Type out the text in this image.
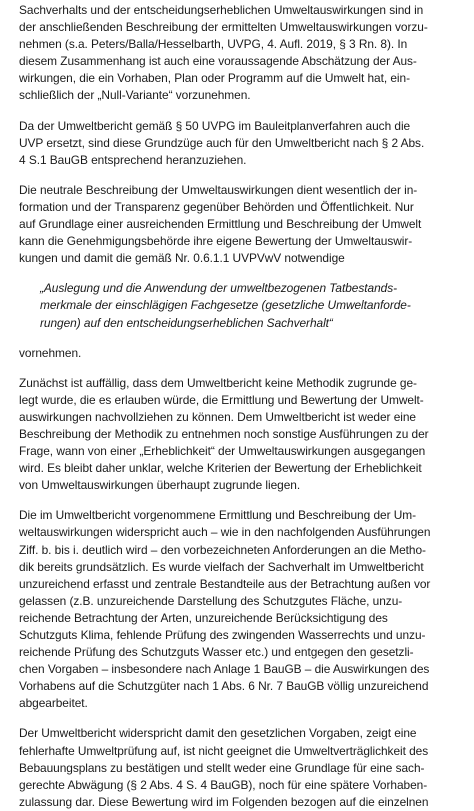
Sachverhalts und der entscheidungserheblichen Umweltauswirkungen sind in
der anschließenden Beschreibung der ermittelten Umweltauswirkungen vorzu-
nehmen (s.a. Peters/Balla/Hesselbarth, UVPG, 4. Aufl. 2019, § 3 Rn. 8). In
diesem Zusammenhang ist auch eine voraussagende Abschätzung der Aus-
wirkungen, die ein Vorhaben, Plan oder Programm auf die Umwelt hat, ein-
schließlich der „Null-Variante“ vorzunehmen.
Da der Umweltbericht gemäß § 50 UVPG im Bauleitplanverfahren auch die
UVP ersetzt, sind diese Grundzüge auch für den Umweltbericht nach § 2 Abs.
4 S.1 BauGB entsprechend heranzuziehen.
Die neutrale Beschreibung der Umweltauswirkungen dient wesentlich der in-
formation und der Transparenz gegenüber Behörden und Öffentlichkeit. Nur
auf Grundlage einer ausreichenden Ermittlung und Beschreibung der Umwelt
kann die Genehmigungsbehörde ihre eigene Bewertung der Umweltauswir-
kungen und damit die gemäß Nr. 0.6.1.1 UVPVwV notwendige
„Auslegung und die Anwendung der umweltbezogenen Tatbestands-
merkmale der einschlägigen Fachgesetze (gesetzliche Umweltanforde-
rungen) auf den entscheidungserheblichen Sachverhalt“
vornehmen.
Zunächst ist auffällig, dass dem Umweltbericht keine Methodik zugrunde ge-
legt wurde, die es erlauben würde, die Ermittlung und Bewertung der Umwelt-
auswirkungen nachvollziehen zu können. Dem Umweltbericht ist weder eine
Beschreibung der Methodik zu entnehmen noch sonstige Ausführungen zu der
Frage, wann von einer „Erheblichkeit“ der Umweltauswirkungen ausgegangen
wird. Es bleibt daher unklar, welche Kriterien der Bewertung der Erheblichkeit
von Umweltauswirkungen überhaupt zugrunde liegen.
Die im Umweltbericht vorgenommene Ermittlung und Beschreibung der Um-
weltauswirkungen widerspricht auch – wie in den nachfolgenden Ausführungen
Ziff. b. bis i. deutlich wird – den vorbezeichneten Anforderungen an die Metho-
dik bereits grundsätzlich. Es wurde vielfach der Sachverhalt im Umweltbericht
unzureichend erfasst und zentrale Bestandteile aus der Betrachtung außen vor
gelassen (z.B. unzureichende Darstellung des Schutzgutes Fläche, unzu-
reichende Betrachtung der Arten, unzureichende Berücksichtigung des
Schutzguts Klima, fehlende Prüfung des zwingenden Wasserrechts und unzu-
reichende Prüfung des Schutzguts Wasser etc.) und entgegen den gesetzli-
chen Vorgaben – insbesondere nach Anlage 1 BauGB – die Auswirkungen des
Vorhabens auf die Schutzgüter nach 1 Abs. 6 Nr. 7 BauGB völlig unzureichend
abgearbeitet.
Der Umweltbericht widerspricht damit den gesetzlichen Vorgaben, zeigt eine
fehlerhafte Umweltprüfung auf, ist nicht geeignet die Umweltverträglichkeit des
Bebauungsplans zu bestätigen und stellt weder eine Grundlage für eine sach-
gerechte Abwägung (§ 2 Abs. 4 S. 4 BauGB), noch für eine spätere Vorhaben-
zulassung dar. Diese Bewertung wird im Folgenden bezogen auf die einzelnen
